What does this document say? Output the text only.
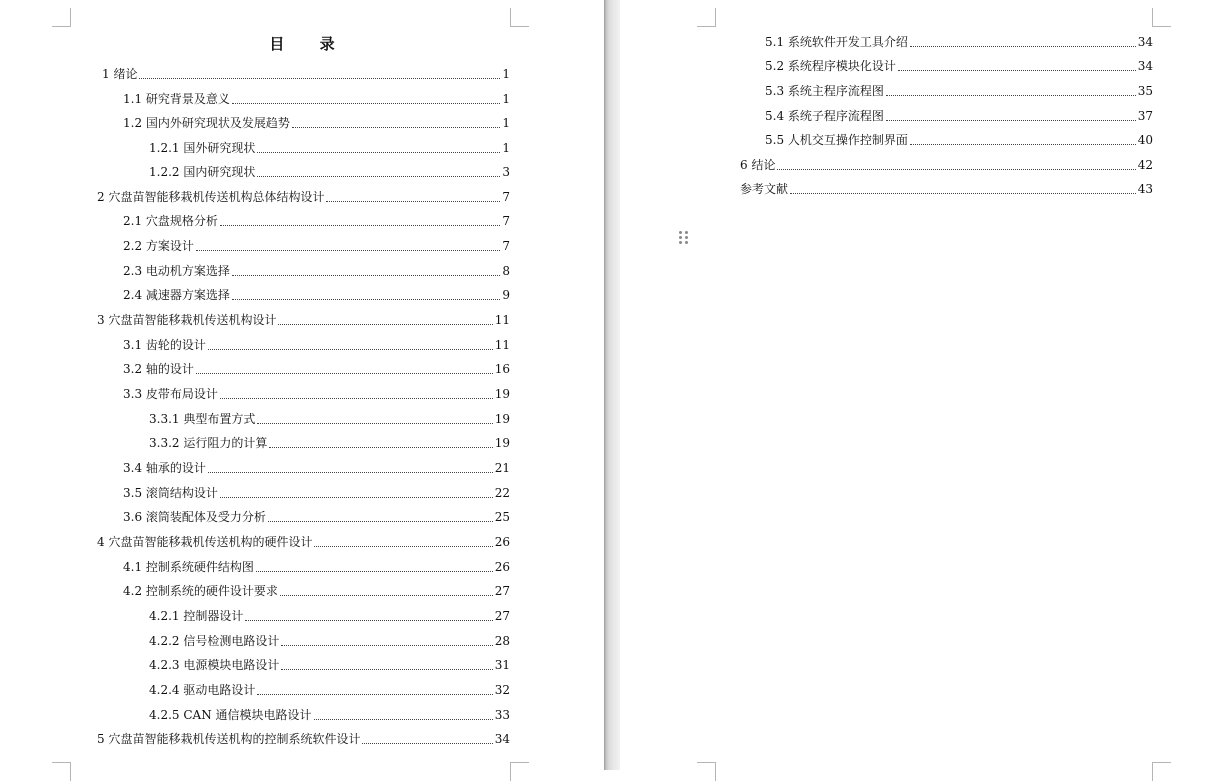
目 录
1 绪论	1
1.1 研究背景及意义	1
1.2 国内外研究现状及发展趋势	1
1.2.1 国外研究现状	1
1.2.2 国内研究现状	3
2 穴盘苗智能移栽机传送机构总体结构设计	7
2.1 穴盘规格分析	7
2.2 方案设计	7
2.3 电动机方案选择	8
2.4 减速器方案选择	9
3 穴盘苗智能移栽机传送机构设计	11
3.1 齿轮的设计	11
3.2 轴的设计	16
3.3 皮带布局设计	19
3.3.1 典型布置方式	19
3.3.2 运行阻力的计算	19
3.4 轴承的设计	21
3.5 滚筒结构设计	22
3.6 滚筒装配体及受力分析	25
4 穴盘苗智能移栽机传送机构的硬件设计	26
4.1 控制系统硬件结构图	26
4.2 控制系统的硬件设计要求	27
4.2.1 控制器设计	27
4.2.2 信号检测电路设计	28
4.2.3 电源模块电路设计	31
4.2.4 驱动电路设计	32
4.2.5 CAN 通信模块电路设计	33
5 穴盘苗智能移栽机传送机构的控制系统软件设计	34
5.1 系统软件开发工具介绍	34
5.2 系统程序模块化设计	34
5.3 系统主程序流程图	35
5.4 系统子程序流程图	37
5.5 人机交互操作控制界面	40
6 结论	42
参考文献	43
